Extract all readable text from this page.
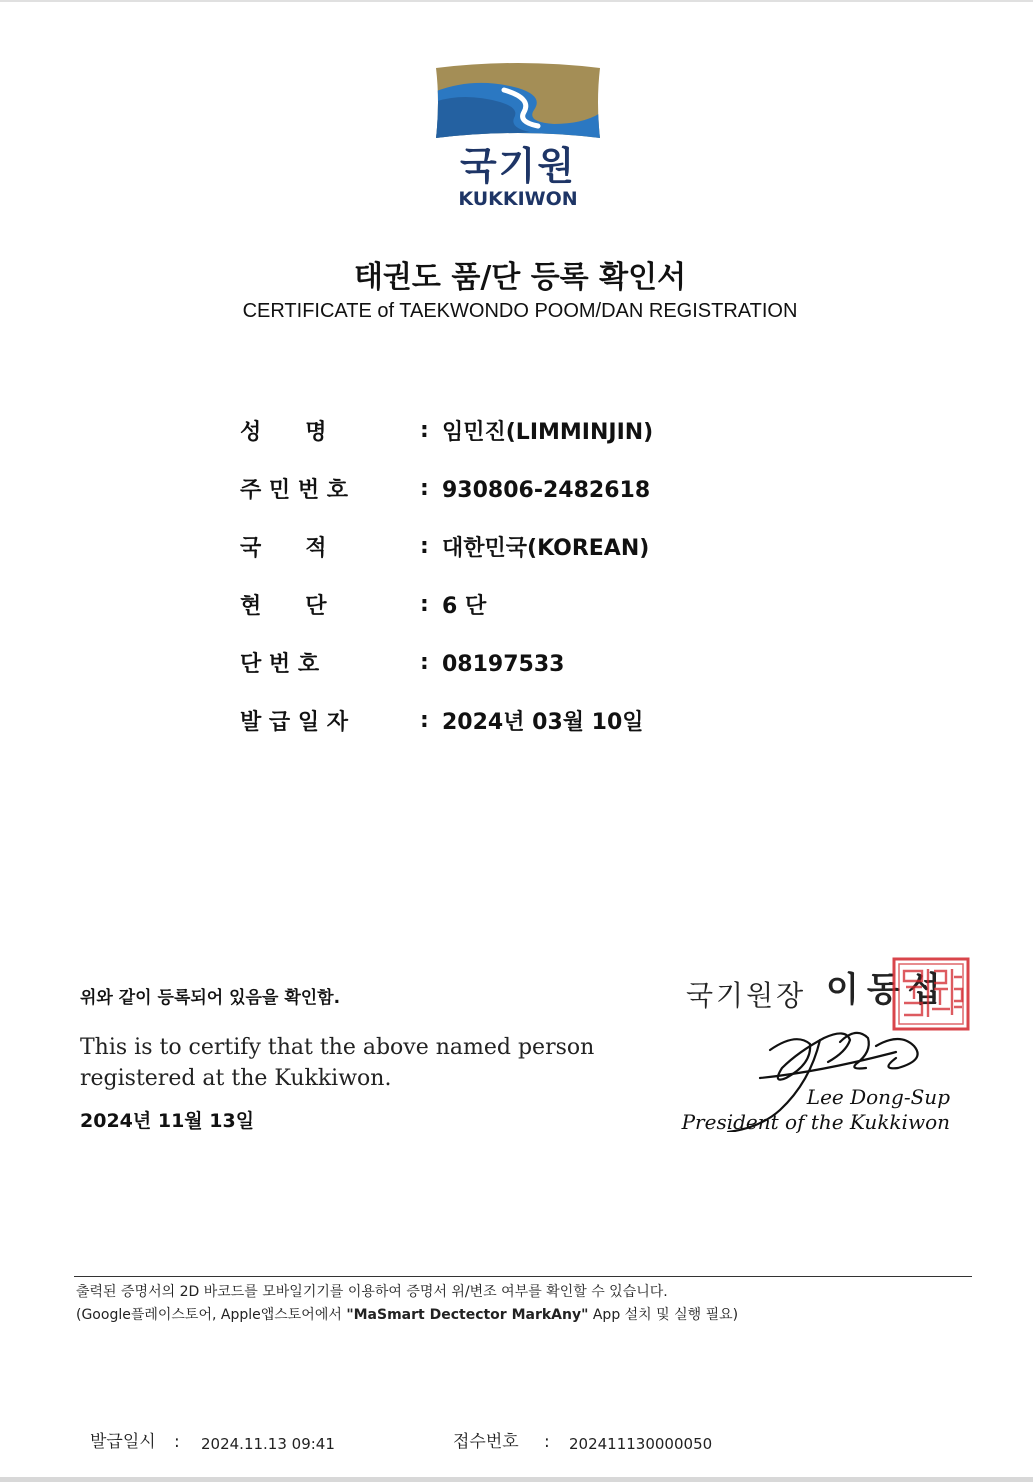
국기원
KUKKIWON
태권도 품/단 등록 확인서
CERTIFICATE of TAEKWONDO POOM/DAN REGISTRATION
성　　명	: 임민진(LIMMINJIN)
주 민 번 호	: 930806-2482618
국　　적	: 대한민국(KOREAN)
현　　단	: 6 단
단 번 호	: 08197533
발 급 일 자	: 2024년 03월 10일
위와 같이 등록되어 있음을 확인함.
This is to certify that the above named person
registered at the Kukkiwon.
2024년 11월 13일
국기원장 이동섭
Lee Dong-Sup
President of the Kukkiwon
출력된 증명서의 2D 바코드를 모바일기기를 이용하여 증명서 위/변조 여부를 확인할 수 있습니다.
(Google플레이스토어, Apple앱스토어에서 "MaSmart Dectector MarkAny" App 설치 및 실행 필요)
발급일시 : 2024.11.13 09:41	접수번호 : 202411130000050
